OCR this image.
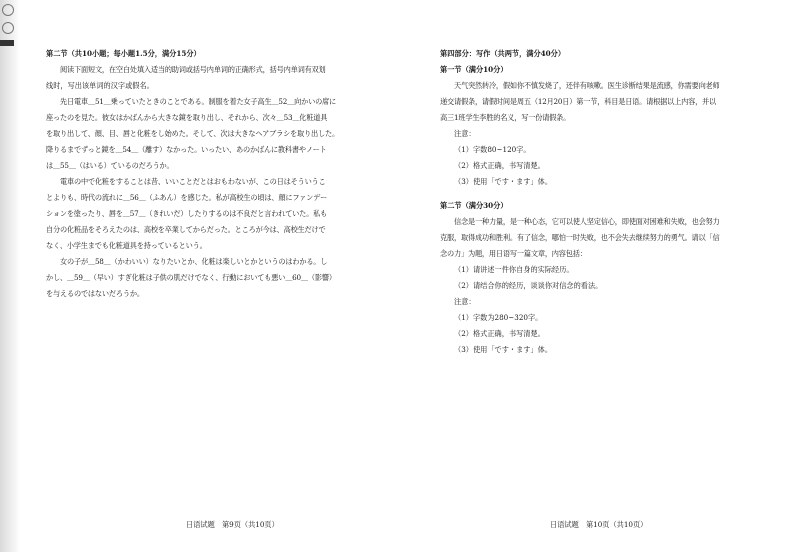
第二节（共10小题；每小题1.5分，满分15分）
阅读下面短文，在空白处填入适当的助词或括号内单词的正确形式，括号内单词有双划
线时，写出该单词的汉字或假名。
先日電車＿51＿乗っていたときのことである。制服を着た女子高生＿52＿向かいの席に
座ったのを見た。彼女はかばんから大きな鏡を取り出し、それから、次々＿53＿化粧道具
を取り出して、顔、目、唇と化粧をし始めた。そして、次は大きなヘアブラシを取り出した。
降りるまでずっと鏡を＿54＿（離す）なかった。いったい、あのかばんに教科書やノート
は＿55＿（はいる）ているのだろうか。
電車の中で化粧をすることは昔、いいことだとはおもわないが、この日はそういうこ
とよりも、時代の流れに＿56＿（ふあん）を感じた。私が高校生の頃は、顔にファンデー
ションを塗ったり、唇を＿57＿（きれいだ）したりするのは不良だと言われていた。私も
自分の化粧品をそろえたのは、高校を卒業してからだった。ところが今は、高校生だけで
なく、小学生までも化粧道具を持っているという。
女の子が＿58＿（かわいい）なりたいとか、化粧は楽しいとかというのはわかる。し
かし、＿59＿（早い）すぎ化粧は子供の肌だけでなく、行動においても悪い＿60＿（影響）
を与えるのではないだろうか。
日语试题　第9页（共10页）
第四部分：写作（共两节，满分40分）
第一节（满分10分）
天气突然转冷，假如你不慎发烧了，还伴有咳嗽。医生诊断结果是流感，你需要向老师
递交请假条，请假时间是周五（12月20日）第一节，科目是日语。请根据以上内容，并以
高三1班学生李胜的名义，写一份请假条。
注意：
（1）字数80~120字。
（2）格式正确，书写清楚。
（3）使用「です・ます」体。
第二节（满分30分）
信念是一种力量，是一种心态，它可以使人坚定信心，即使面对困难和失败，也会努力
克服，取得成功和胜利。有了信念，哪怕一时失败，也不会失去继续努力的勇气。请以「信
念の力」为题，用日语写一篇文章，内容包括：
（1）请讲述一件你自身的实际经历。
（2）请结合你的经历，谈谈你对信念的看法。
注意：
（1）字数为280~320字。
（2）格式正确，书写清楚。
（3）使用「です・ます」体。
日语试题　第10页（共10页）
